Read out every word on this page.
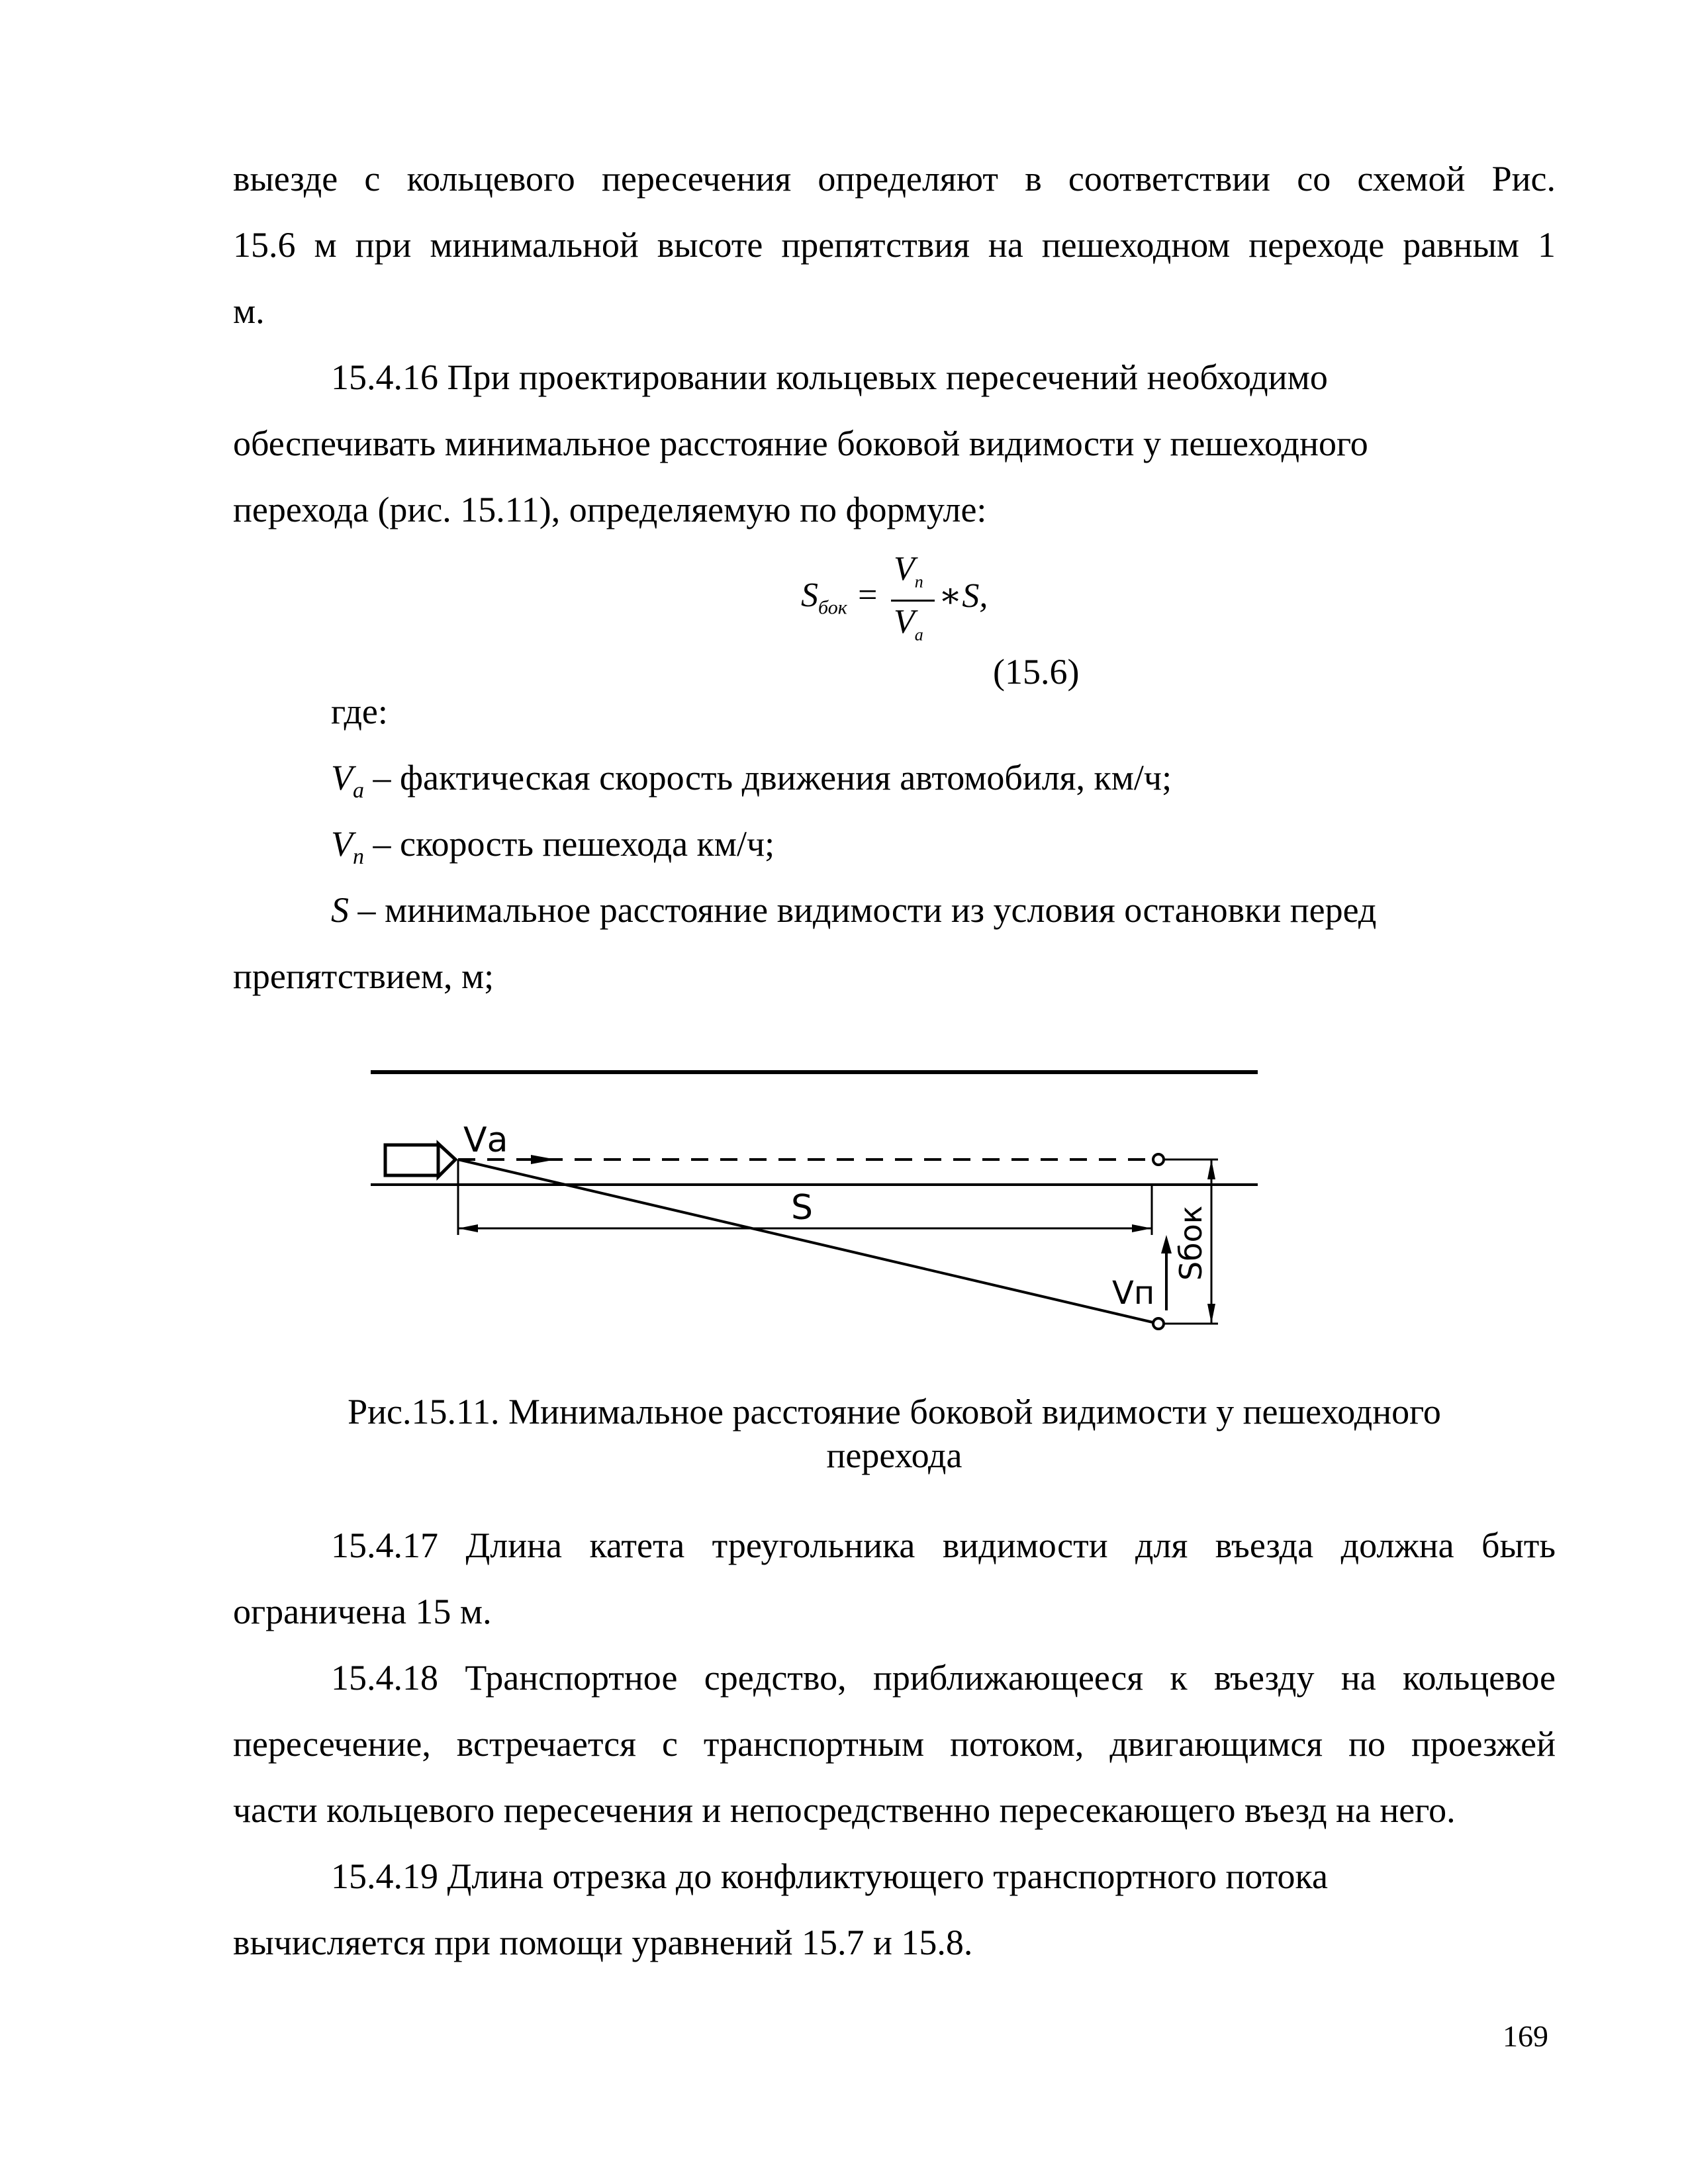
выезде с кольцевого пересечения определяют в соответствии со схемой Рис.
15.6 м при минимальной высоте препятствия на пешеходном переходе равным 1
м.
15.4.16 При проектировании кольцевых пересечений необходимо
обеспечивать минимальное расстояние боковой видимости у пешеходного
перехода (рис. 15.11), определяемую по формуле:
$S_{бок}$ =
$V_п$
$V_а$
∗S,
(15.6)
где:
$V_a$ – фактическая скорость движения автомобиля, км/ч;
$V_п$ – скорость пешехода км/ч;
S – минимальное расстояние видимости из условия остановки перед
препятствием, м;
Vа
S
Vп
Sбок
Рис.15.11. Минимальное расстояние боковой видимости у пешеходного
перехода
15.4.17 Длина катета треугольника видимости для въезда должна быть
ограничена 15 м.
15.4.18 Транспортное средство, приближающееся к въезду на кольцевое
пересечение, встречается с транспортным потоком, двигающимся по проезжей
части кольцевого пересечения и непосредственно пересекающего въезд на него.
15.4.19 Длина отрезка до конфликтующего транспортного потока
вычисляется при помощи уравнений 15.7 и 15.8.
169
